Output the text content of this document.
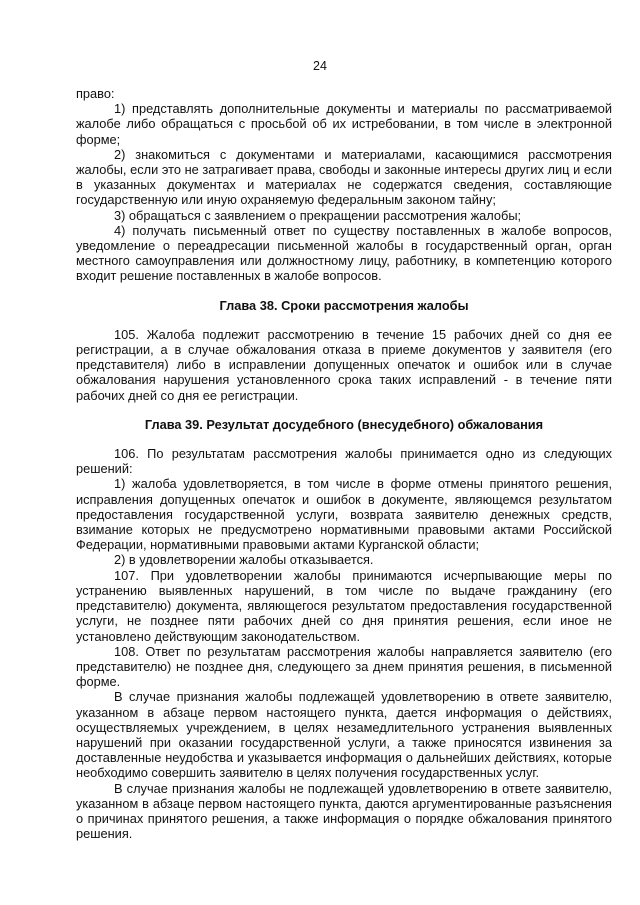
24

право:

1) представлять дополнительные документы и материалы по рассматриваемой жалобе либо обращаться с просьбой об их истребовании, в том числе в электронной форме;

2) знакомиться с документами и материалами, касающимися рассмотрения жалобы, если это не затрагивает права, свободы и законные интересы других лиц и если в указанных документах и материалах не содержатся сведения, составляющие государственную или иную охраняемую федеральным законом тайну;

3) обращаться с заявлением о прекращении рассмотрения жалобы;

4) получать письменный ответ по существу поставленных в жалобе вопросов, уведомление о переадресации письменной жалобы в государственный орган, орган местного самоуправления или должностному лицу, работнику, в компетенцию которого входит решение поставленных в жалобе вопросов.

Глава 38. Сроки рассмотрения жалобы

105. Жалоба подлежит рассмотрению в течение 15 рабочих дней со дня ее регистрации, а в случае обжалования отказа в приеме документов у заявителя (его представителя) либо в исправлении допущенных опечаток и ошибок или в случае обжалования нарушения установленного срока таких исправлений - в течение пяти рабочих дней со дня ее регистрации.

Глава 39. Результат досудебного (внесудебного) обжалования

106. По результатам рассмотрения жалобы принимается одно из следующих решений:

1) жалоба удовлетворяется, в том числе в форме отмены принятого решения, исправления допущенных опечаток и ошибок в документе, являющемся результатом предоставления государственной услуги, возврата заявителю денежных средств, взимание которых не предусмотрено нормативными правовыми актами Российской Федерации, нормативными правовыми актами Курганской области;

2) в удовлетворении жалобы отказывается.

107. При удовлетворении жалобы принимаются исчерпывающие меры по устранению выявленных нарушений, в том числе по выдаче гражданину (его представителю) документа, являющегося результатом предоставления государственной услуги, не позднее пяти рабочих дней со дня принятия решения, если иное не установлено действующим законодательством.

108. Ответ по результатам рассмотрения жалобы направляется заявителю (его представителю) не позднее дня, следующего за днем принятия решения, в письменной форме.

В случае признания жалобы подлежащей удовлетворению в ответе заявителю, указанном в абзаце первом настоящего пункта, дается информация о действиях, осуществляемых учреждением, в целях незамедлительного устранения выявленных нарушений при оказании государственной услуги, а также приносятся извинения за доставленные неудобства и указывается информация о дальнейших действиях, которые необходимо совершить заявителю в целях получения государственных услуг.

В случае признания жалобы не подлежащей удовлетворению в ответе заявителю, указанном в абзаце первом настоящего пункта, даются аргументированные разъяснения о причинах принятого решения, а также информация о порядке обжалования принятого решения.
